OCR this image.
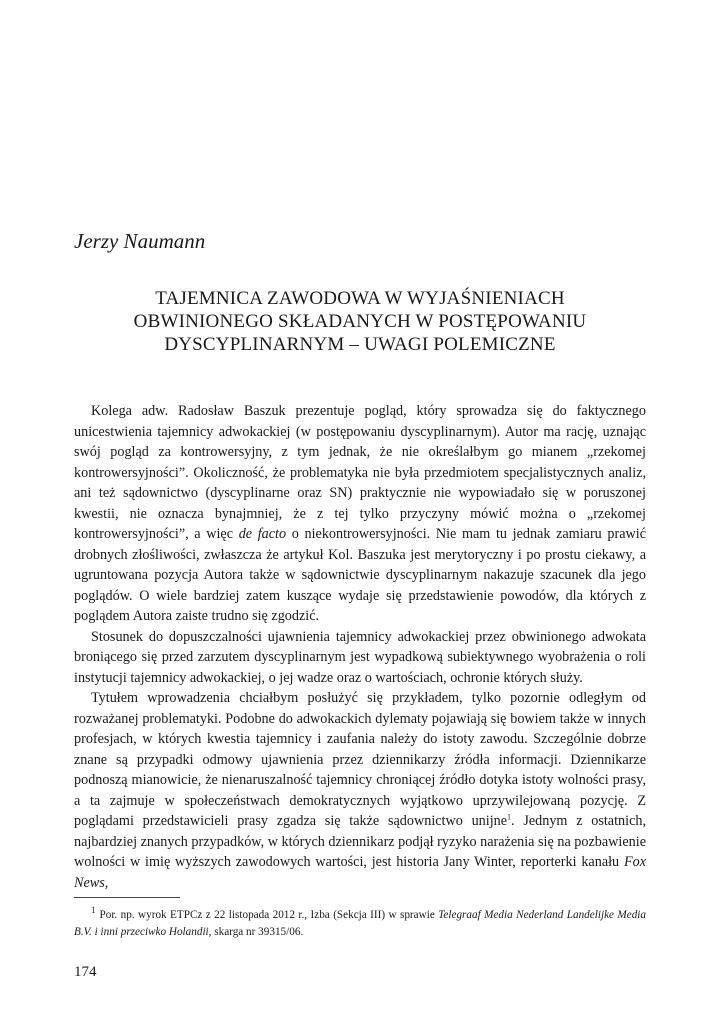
Jerzy Naumann
TAJEMNICA ZAWODOWA W WYJAŚNIENIACH
OBWINIONEGO SKŁADANYCH W POSTĘPOWANIU
DYSCYPLINARNYM – UWAGI POLEMICZNE

Kolega adw. Radosław Baszuk prezentuje pogląd, który sprowadza się do faktycznego unicestwienia tajemnicy adwokackiej (w postępowaniu dyscyplinarnym). Autor ma rację, uznając swój pogląd za kontrowersyjny, z tym jednak, że nie określałbym go mianem „rzekomej kontrowersyjności”. Okoliczność, że problematyka nie była przedmiotem specjalistycznych analiz, ani też sądownictwo (dyscyplinarne oraz SN) praktycznie nie wypowiadało się w poruszonej kwestii, nie oznacza bynajmniej, że z tej tylko przyczyny mówić można o „rzekomej kontrowersyjności”, a więc de facto o niekontrowersyjności. Nie mam tu jednak zamiaru prawić drobnych złośliwości, zwłaszcza że artykuł Kol. Baszuka jest merytoryczny i po prostu ciekawy, a ugruntowana pozycja Autora także w sądownictwie dyscyplinarnym nakazuje szacunek dla jego poglądów. O wiele bardziej zatem kuszące wydaje się przedstawienie powodów, dla których z poglądem Autora zaiste trudno się zgodzić.

Stosunek do dopuszczalności ujawnienia tajemnicy adwokackiej przez obwinionego adwokata broniącego się przed zarzutem dyscyplinarnym jest wypadkową subiektywnego wyobrażenia o roli instytucji tajemnicy adwokackiej, o jej wadze oraz o wartościach, ochronie których służy.

Tytułem wprowadzenia chciałbym posłużyć się przykładem, tylko pozornie odległym od rozważanej problematyki. Podobne do adwokackich dylematy pojawiają się bowiem także w innych profesjach, w których kwestia tajemnicy i zaufania należy do istoty zawodu. Szczególnie dobrze znane są przypadki odmowy ujawnienia przez dziennikarzy źródła informacji. Dziennikarze podnoszą mianowicie, że nienaruszalność tajemnicy chroniącej źródło dotyka istoty wolności prasy, a ta zajmuje w społeczeństwach demokratycznych wyjątkowo uprzywilejowaną pozycję. Z poglądami przedstawicieli prasy zgadza się także sądownictwo unijne$^1$. Jednym z ostatnich, najbardziej znanych przypadków, w których dziennikarz podjął ryzyko narażenia się na pozbawienie wolności w imię wyższych zawodowych wartości, jest historia Jany Winter, reporterki kanału Fox News,

$^1$ Por. np. wyrok ETPCz z 22 listopada 2012 r., Izba (Sekcja III) w sprawie Telegraaf Media Nederland Landelijke Media B.V. i inni przeciwko Holandii, skarga nr 39315/06.

174
